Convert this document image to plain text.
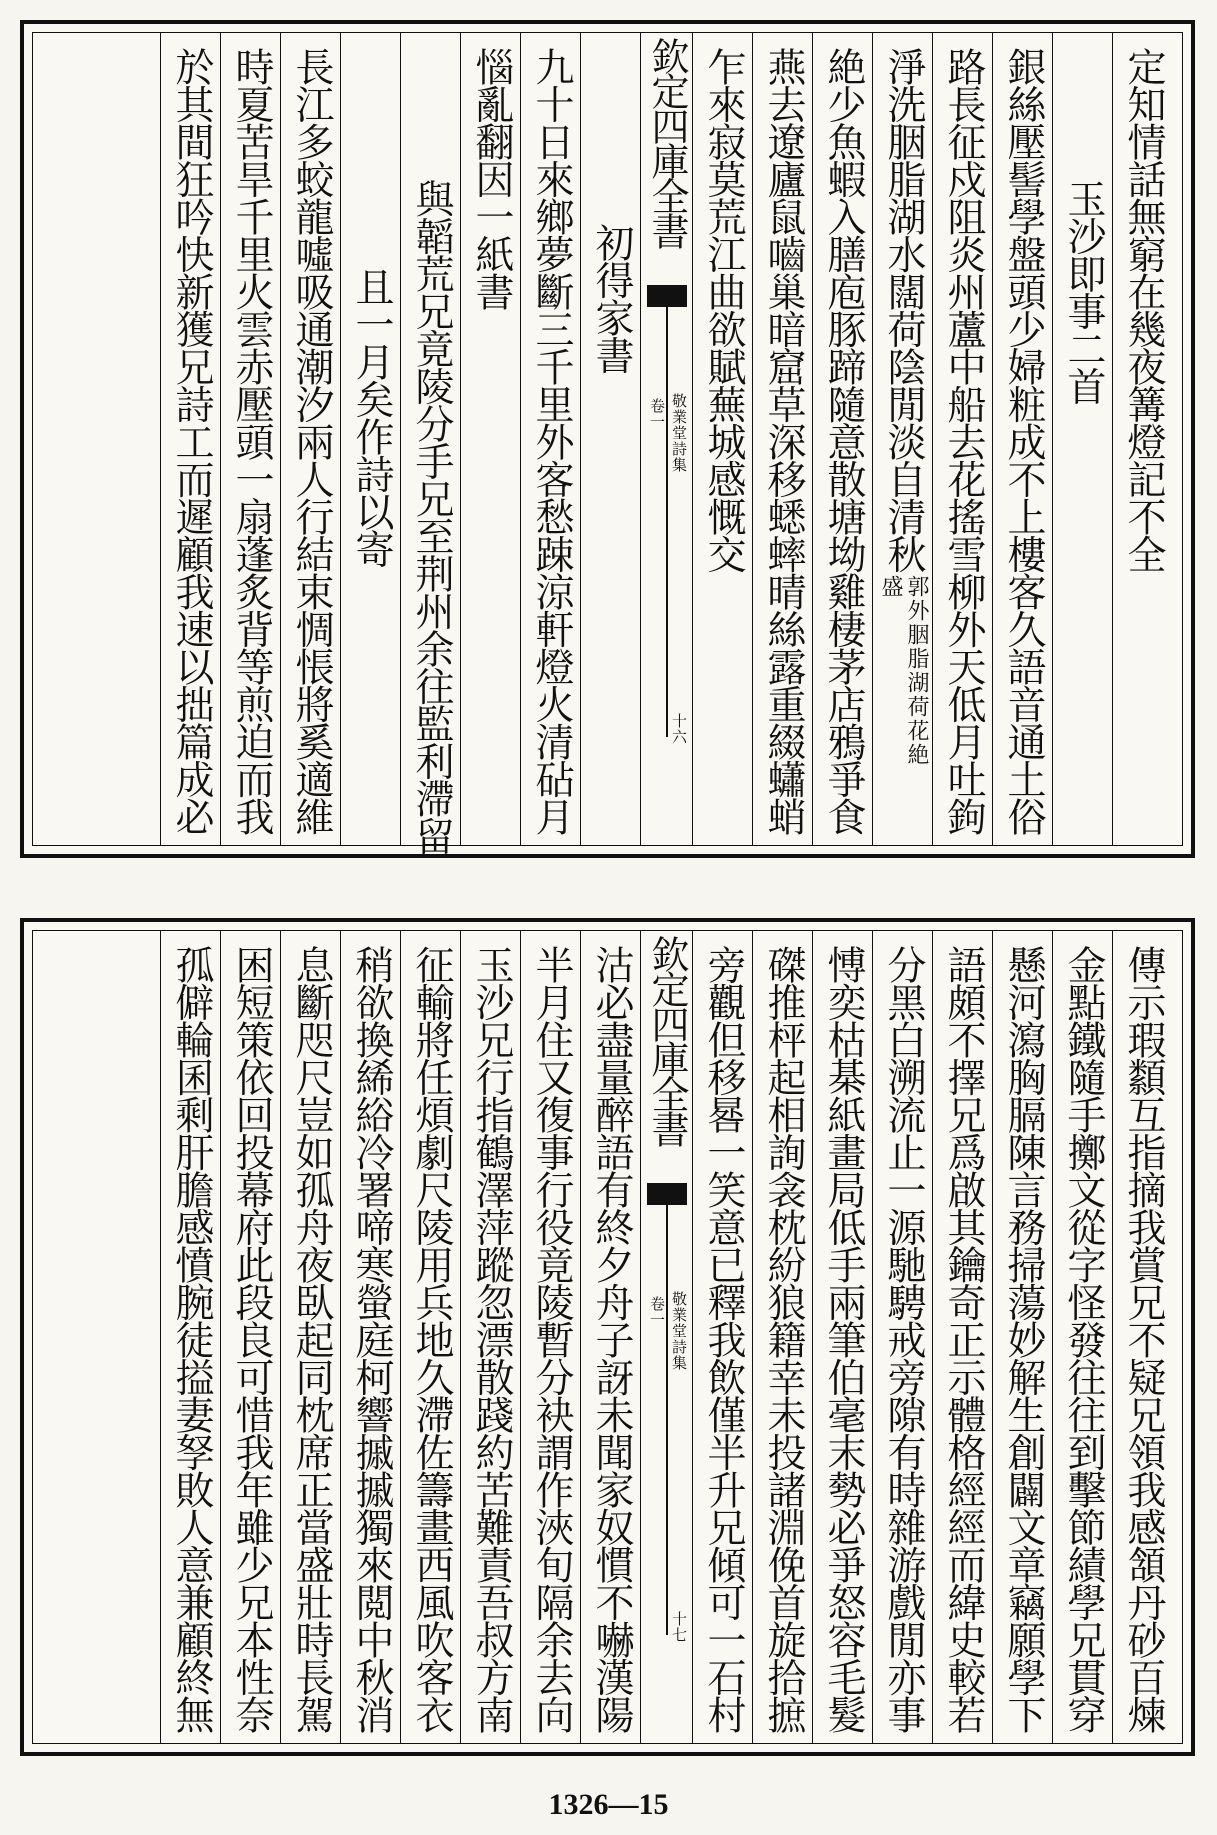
定知情話無窮在幾夜篝燈記不全
玉沙即事二首
銀絲壓髻學盤頭少婦粧成不上樓客久語音通土俗
路長征戍阻炎州蘆中船去花搖雪柳外天低月吐鉤
淨洗胭脂湖水闊荷陰閒淡自清秋
郭外胭脂湖荷花絶盛
絶少魚蝦入膳庖豚蹄隨意散塘坳雞棲茅店鴉爭食
燕去遼廬鼠嚙巢暗窟草深移蟋蟀晴絲露重綴蠨蛸
乍來寂莫荒江曲欲賦蕪城感慨交
欽定四庫全書
敬業堂詩集
卷一
十六
初得家書
九十日來鄉夢斷三千里外客愁踈涼軒燈火清砧月
惱亂翻因一紙書
與韜荒兄竟陵分手兄至荆州余往監利滯留
且一月矣作詩以寄
長江多蛟龍噓吸通潮汐兩人行結束惆悵將奚適維
時夏苦旱千里火雲赤壓頭一扇蓬炙背等煎迫而我
於其間狂吟快新獲兄詩工而遲顧我速以拙篇成必
傳示瑕纇互指摘我賞兄不疑兄領我感頷丹砂百煉
金點鐵隨手擲文從字怪發往往到擊節績學兄貫穿
懸河瀉胸膈陳言務掃蕩妙解生創闢文章竊願學下
語頗不擇兄爲啟其鑰奇正示體格經經而緯史較若
分黑白溯流止一源馳騁戒旁隙有時雜游戲閒亦事
愽奕枯棊紙畫局低手兩筆伯毫末勢必爭怒容毛髮
磔推枰起相詢衾枕紛狼籍幸未投諸淵俛首旋拾摭
旁觀但移晷一笑意已釋我飲僅半升兄傾可一石村
欽定四庫全書
敬業堂詩集
卷一
十七
沽必盡量醉語有終夕舟子訝未聞家奴慣不嚇漢陽
半月住又復事行役竟陵暫分袂謂作浹旬隔余去向
玉沙兄行指鶴澤萍蹤忽漂散踐約苦難責吾叔方南
征輸將任煩劇尺陵用兵地久滯佐籌畫西風吹客衣
稍欲換絺綌冷署啼寒螢庭柯響摵摵獨來閲中秋消
息斷咫尺豈如孤舟夜臥起同枕席正當盛壯時長駕
困短策依回投幕府此段良可惜我年雖少兄本性奈
孤僻輪囷剩肝膽感憤腕徒搤妻孥敗人意兼顧終無
1326—15
